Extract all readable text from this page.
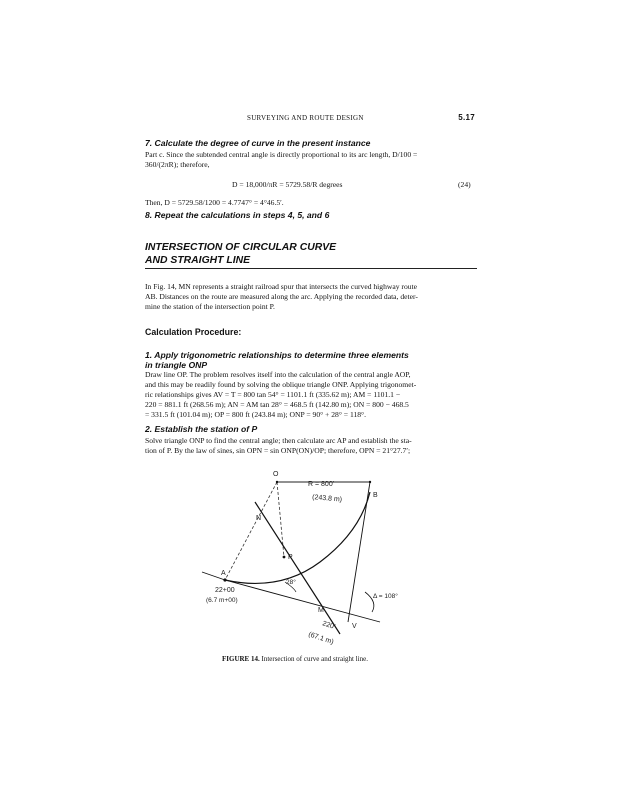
SURVEYING AND ROUTE DESIGN	5.17
7. Calculate the degree of curve in the present instance
Part c. Since the subtended central angle is directly proportional to its arc length, D/100 =
360/(2πR); therefore,
D = 18,000/πR = 5729.58/R degrees	(24)
Then, D = 5729.58/1200 = 4.7747° = 4°46.5′.
8. Repeat the calculations in steps 4, 5, and 6
INTERSECTION OF CIRCULAR CURVE
AND STRAIGHT LINE
In Fig. 14, MN represents a straight railroad spur that intersects the curved highway route
AB. Distances on the route are measured along the arc. Applying the recorded data, deter-
mine the station of the intersection point P.
Calculation Procedure:
1. Apply trigonometric relationships to determine three elements
in triangle ONP
Draw line OP. The problem resolves itself into the calculation of the central angle AOP,
and this may be readily found by solving the oblique triangle ONP. Applying trigonomet-
ric relationships gives AV = T = 800 tan 54° = 1101.1 ft (335.62 m); AM = 1101.1 −
220 = 881.1 ft (268.56 m); AN = AM tan 28° = 468.5 ft (142.80 m); ON = 800 − 468.5
= 331.5 ft (101.04 m); OP = 800 ft (243.84 m); ONP = 90° + 28° = 118°.
2. Establish the station of P
Solve triangle ONP to find the central angle; then calculate arc AP and establish the sta-
tion of P. By the law of sines, sin OPN = sin ONP(ON)/OP; therefore, OPN = 21°27.7′;
O
N
P
A
B
M
V
R = 800'
(243.8 m)
22+00
(6.7 m+00)
28°
Δ = 108°
220'
(67.1 m)
FIGURE 14. Intersection of curve and straight line.
